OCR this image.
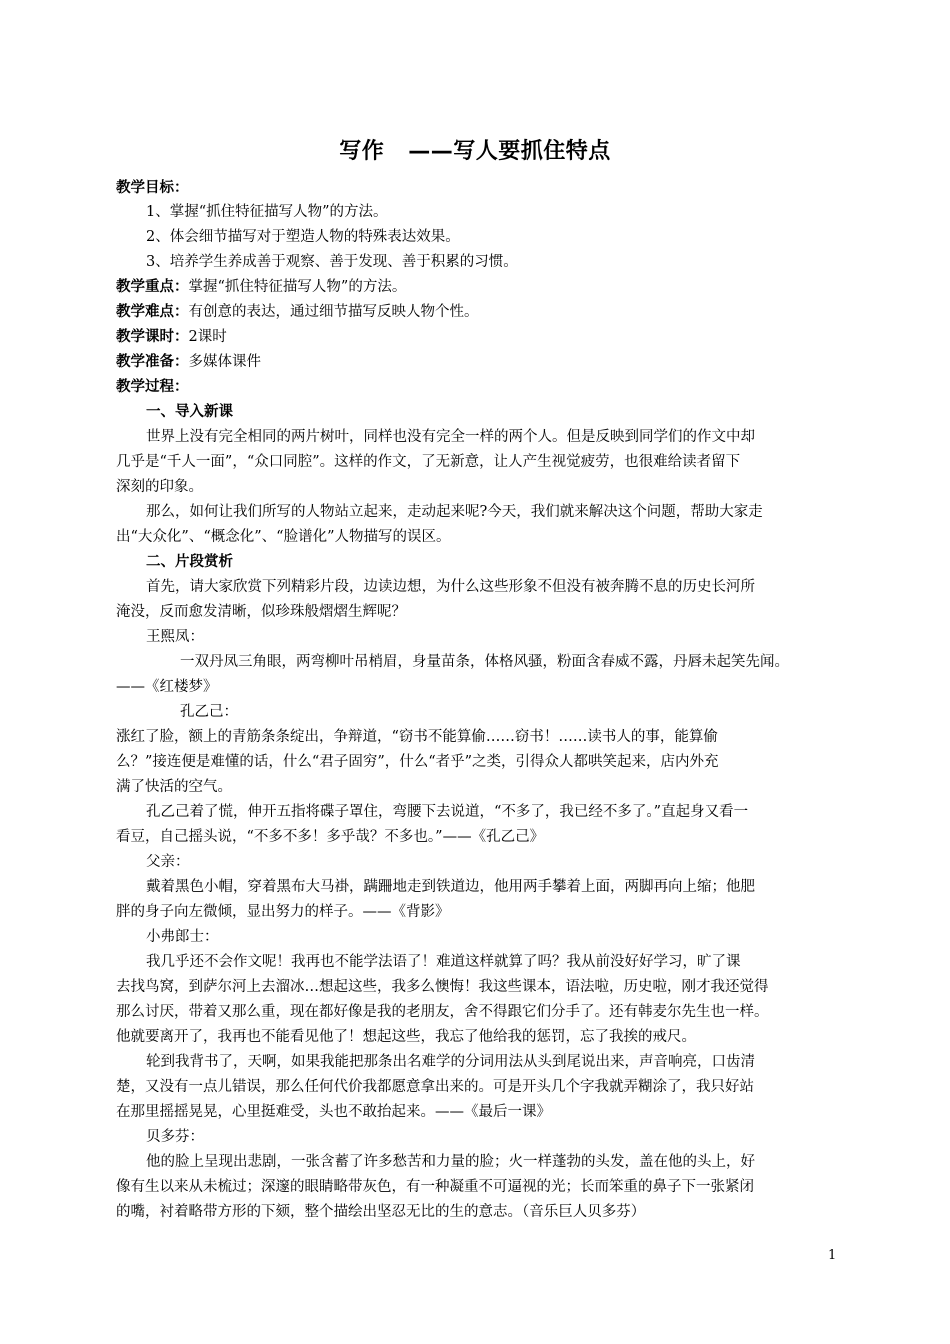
写作 ——写人要抓住特点
教学目标：
1、掌握“抓住特征描写人物”的方法。
2、体会细节描写对于塑造人物的特殊表达效果。
3、培养学生养成善于观察、善于发现、善于积累的习惯。
教学重点：掌握“抓住特征描写人物”的方法。
教学难点：有创意的表达，通过细节描写反映人物个性。
教学课时：2课时
教学准备：多媒体课件
教学过程：
一、导入新课
世界上没有完全相同的两片树叶，同样也没有完全一样的两个人。但是反映到同学们的作文中却
几乎是“千人一面”，“众口同腔”。这样的作文，了无新意，让人产生视觉疲劳，也很难给读者留下
深刻的印象。
那么，如何让我们所写的人物站立起来，走动起来呢?今天，我们就来解决这个问题，帮助大家走
出“大众化”、“概念化”、“脸谱化”人物描写的误区。
二、片段赏析
首先，请大家欣赏下列精彩片段，边读边想，为什么这些形象不但没有被奔腾不息的历史长河所
淹没，反而愈发清晰，似珍珠般熠熠生辉呢？
王熙凤：
一双丹凤三角眼，两弯柳叶吊梢眉，身量苗条，体格风骚，粉面含春威不露，丹唇未起笑先闻。
——《红楼梦》
孔乙己：
涨红了脸，额上的青筋条条绽出，争辩道，“窃书不能算偷……窃书！……读书人的事，能算偷
么？”接连便是难懂的话，什么“君子固穷”，什么“者乎”之类，引得众人都哄笑起来，店内外充
满了快活的空气。
孔乙己着了慌，伸开五指将碟子罩住，弯腰下去说道，“不多了，我已经不多了。”直起身又看一
看豆，自己摇头说，“不多不多！多乎哉？不多也。”——《孔乙己》
父亲：
戴着黑色小帽，穿着黑布大马褂，蹒跚地走到铁道边，他用两手攀着上面，两脚再向上缩；他肥
胖的身子向左微倾，显出努力的样子。——《背影》
小弗郎士：
我几乎还不会作文呢！我再也不能学法语了！难道这样就算了吗？我从前没好好学习，旷了课
去找鸟窝，到萨尔河上去溜冰…想起这些，我多么懊悔！我这些课本，语法啦，历史啦，刚才我还觉得
那么讨厌，带着又那么重，现在都好像是我的老朋友，舍不得跟它们分手了。还有韩麦尔先生也一样。
他就要离开了，我再也不能看见他了！想起这些，我忘了他给我的惩罚，忘了我挨的戒尺。
轮到我背书了，天啊，如果我能把那条出名难学的分词用法从头到尾说出来，声音响亮，口齿清
楚，又没有一点儿错误，那么任何代价我都愿意拿出来的。可是开头几个字我就弄糊涂了，我只好站
在那里摇摇晃晃，心里挺难受，头也不敢抬起来。——《最后一课》
贝多芬：
他的脸上呈现出悲剧，一张含蓄了许多愁苦和力量的脸；火一样蓬勃的头发，盖在他的头上，好
像有生以来从未梳过；深邃的眼睛略带灰色，有一种凝重不可逼视的光；长而笨重的鼻子下一张紧闭
的嘴，衬着略带方形的下颏，整个描绘出坚忍无比的生的意志。（音乐巨人贝多芬）
1
